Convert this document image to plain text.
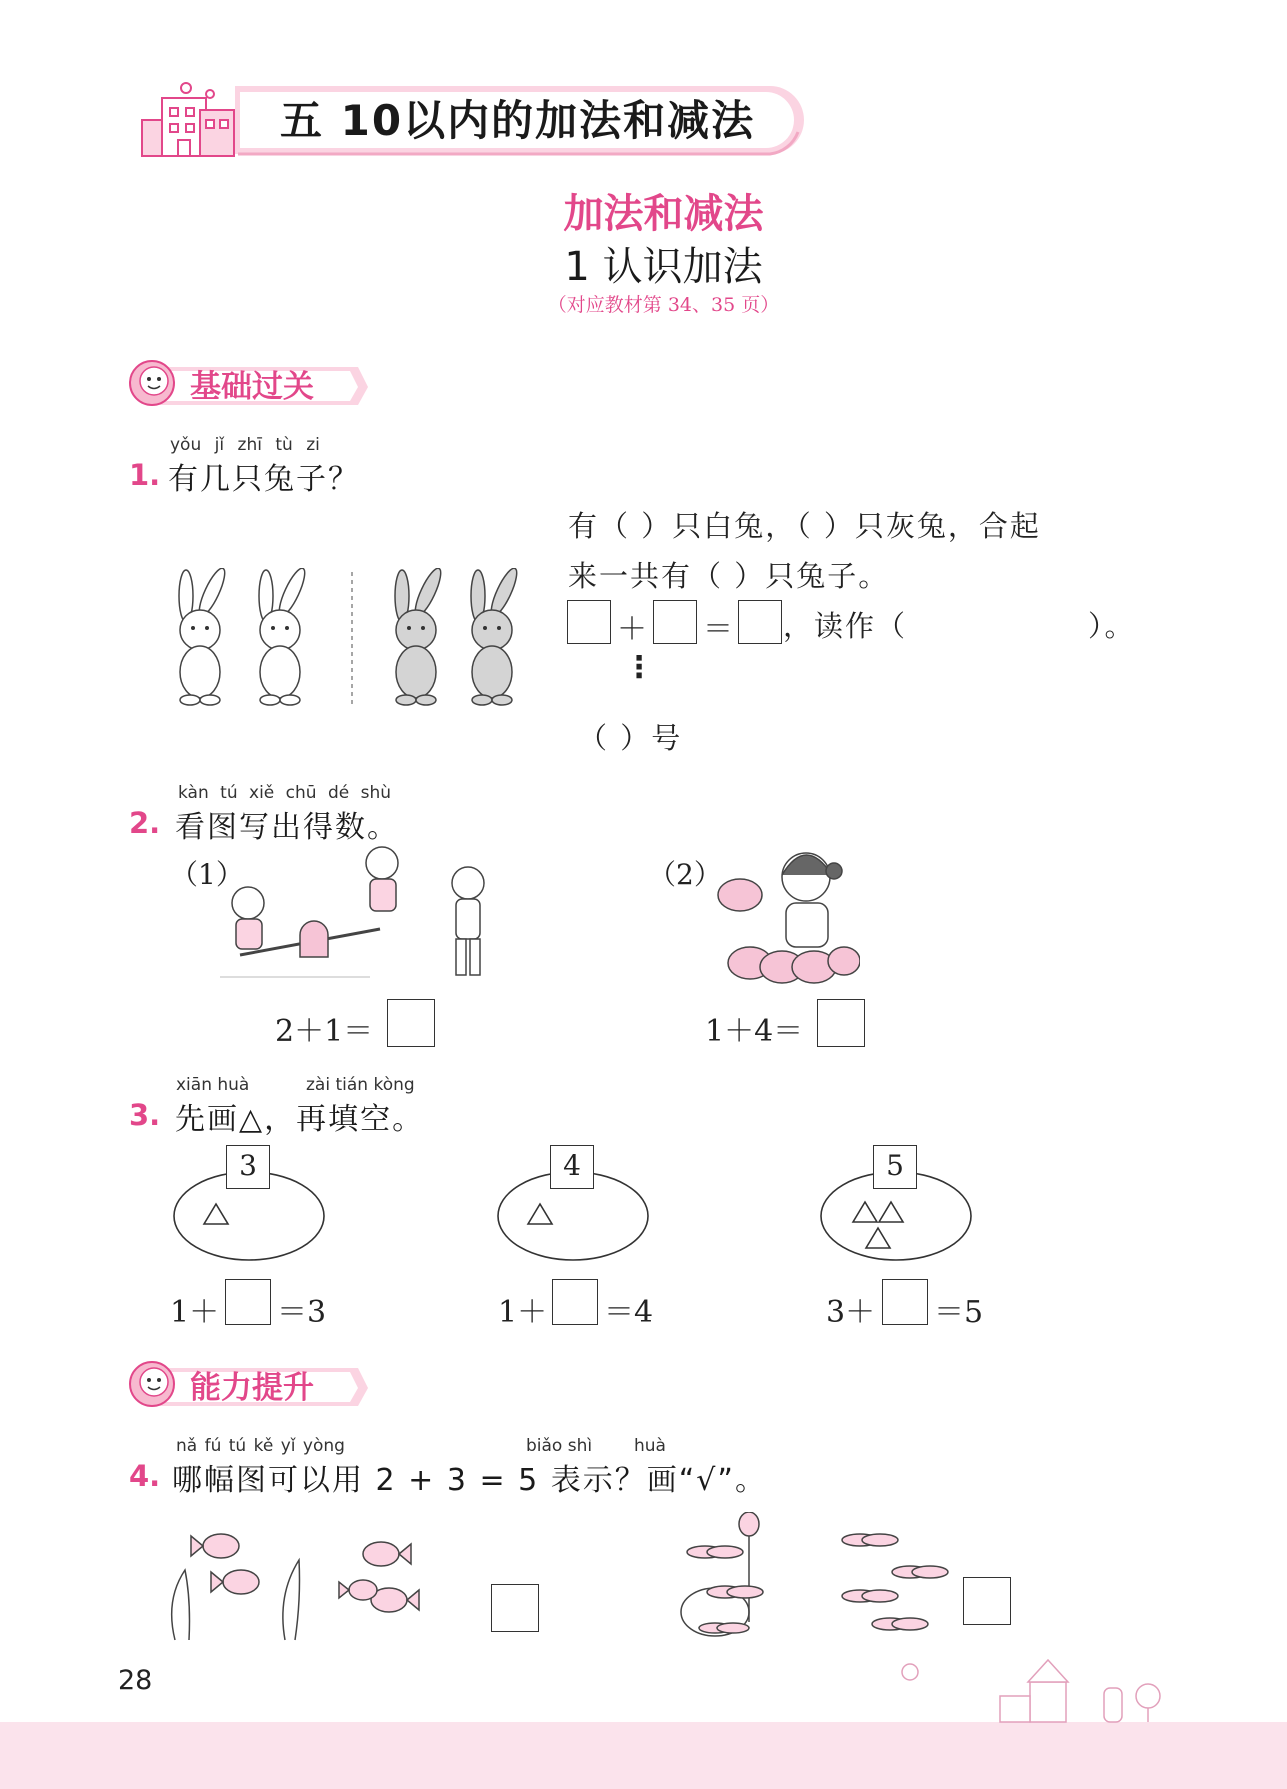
五 10以内的加法和减法
加法和减法
1 认识加法
（对应教材第 34、35 页）
基础过关
yǒu jǐ zhī tù zi
1. 有几只兔子？
有（ ）只白兔，（ ）只灰兔，合起
来一共有（ ）只兔子。
＋ ＝ ，读作（	）。
⋮
（ ）号
kàn tú xiě chū dé shù
2. 看图写出得数。
（1）
2＋1＝
（2）
1＋4＝
xiān huà	zài tián kòng
3. 先画△，再填空。
3
1＋ ＝3
4
1＋ ＝4
5
3＋ ＝5
能力提升
nǎ fú tú kě yǐ yòng	biǎo shì huà
4. 哪幅图可以用 2 + 3 = 5 表示？画“√”。
28
